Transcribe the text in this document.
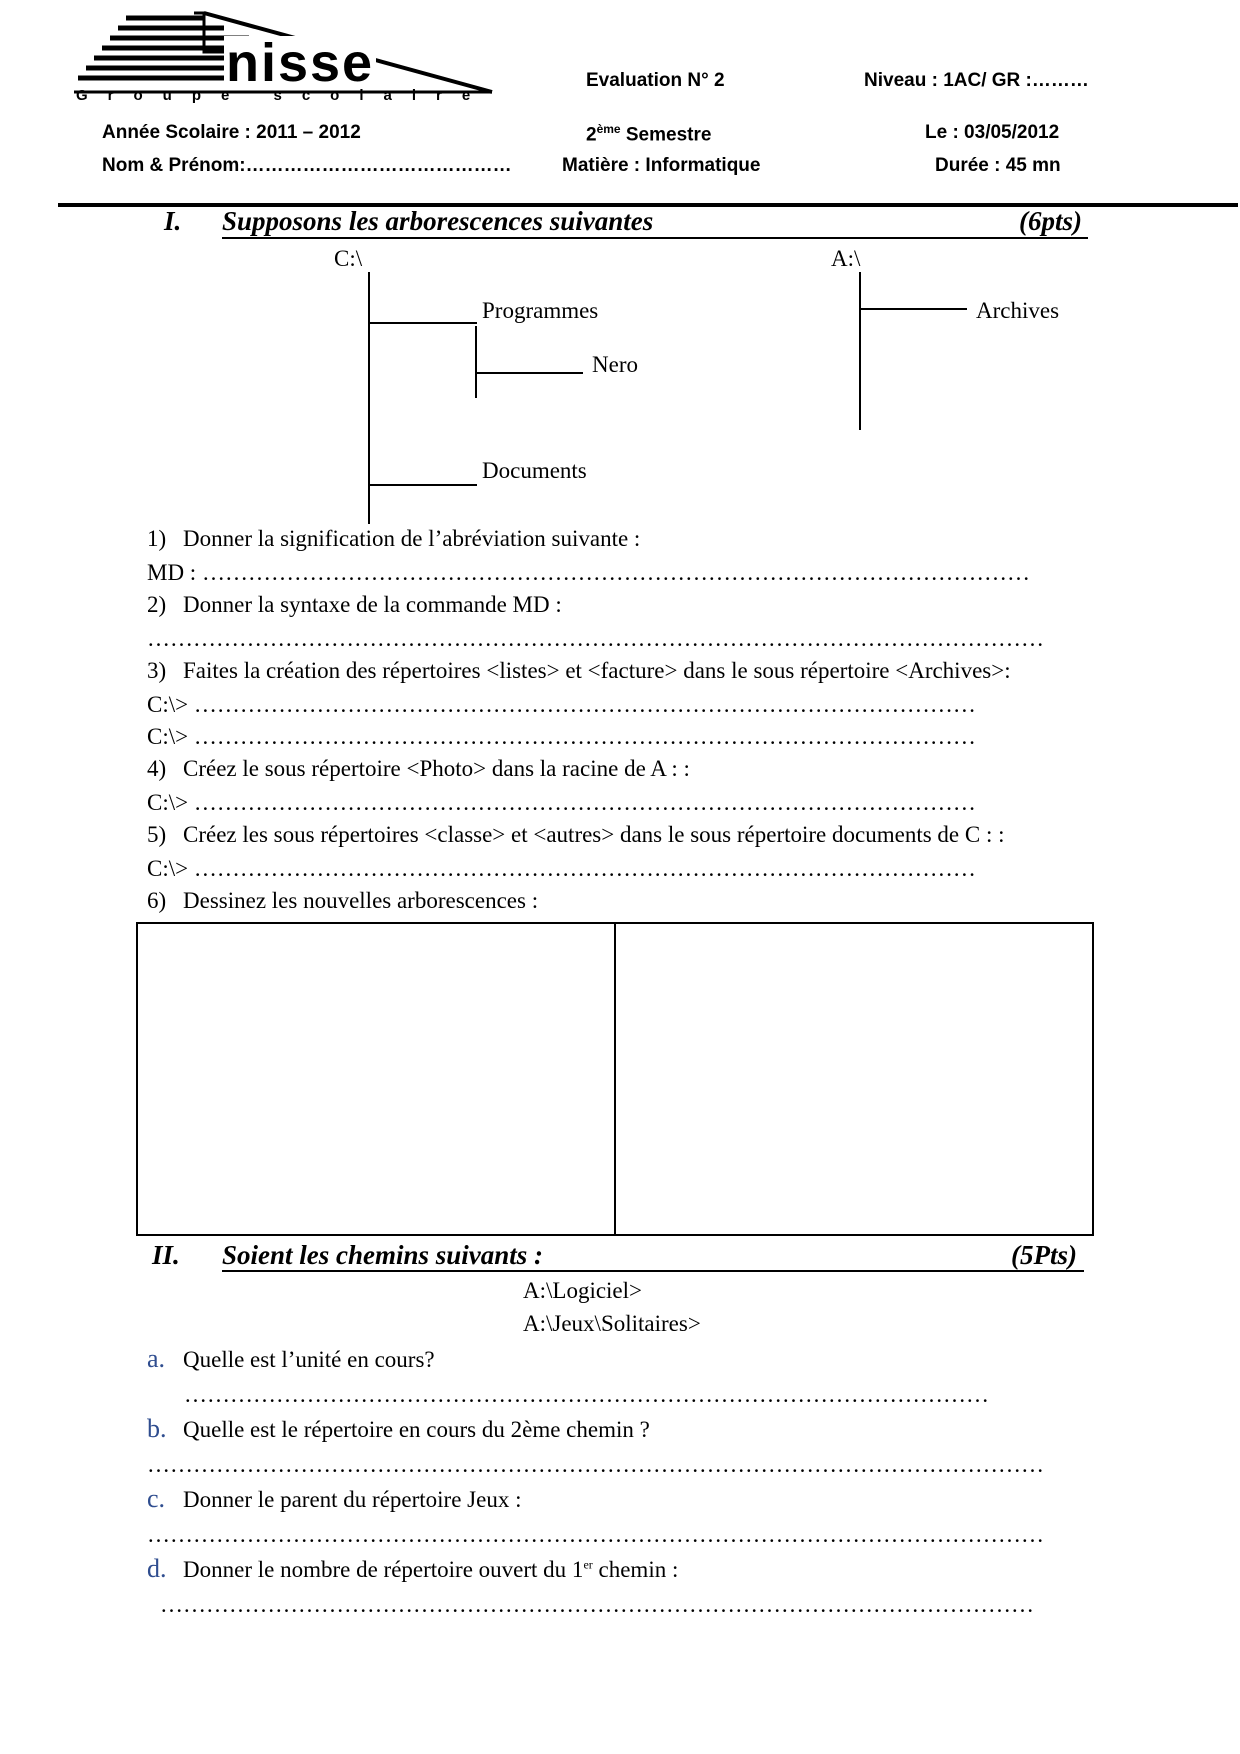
nisse
Groupe scolaire
Evaluation N° 2	Niveau : 1AC/ GR :………
Année Scolaire : 2011 – 2012	2ème Semestre	Le : 03/05/2012
Nom & Prénom:……………………………………	Matière : Informatique	Durée : 45 mn
I. Supposons les arborescences suivantes	(6pts)
C:\
Programmes
Nero
Documents
A:\
Archives
1) Donner la signification de l’abréviation suivante :
MD : ………………………………………………………………………………………………
2) Donner la syntaxe de la commande MD :
………………………………………………………………………………………………………
3) Faites la création des répertoires <listes> et <facture> dans le sous répertoire <Archives>:
C:\> …………………………………………………………………………………………
C:\> …………………………………………………………………………………………
4) Créez le sous répertoire <Photo> dans la racine de A : :
C:\> …………………………………………………………………………………………
5) Créez les sous répertoires <classe> et <autres> dans le sous répertoire documents de C : :
C:\> …………………………………………………………………………………………
6) Dessinez les nouvelles arborescences :
II. Soient les chemins suivants :	(5Pts)
A:\Logiciel>
A:\Jeux\Solitaires>
a. Quelle est l’unité en cours?
……………………………………………………………………………………………
b. Quelle est le répertoire en cours du 2ème chemin ?
………………………………………………………………………………………………………
c. Donner le parent du répertoire Jeux :
………………………………………………………………………………………………………
d. Donner le nombre de répertoire ouvert du 1er chemin :
……………………………………………………………………………………………………
